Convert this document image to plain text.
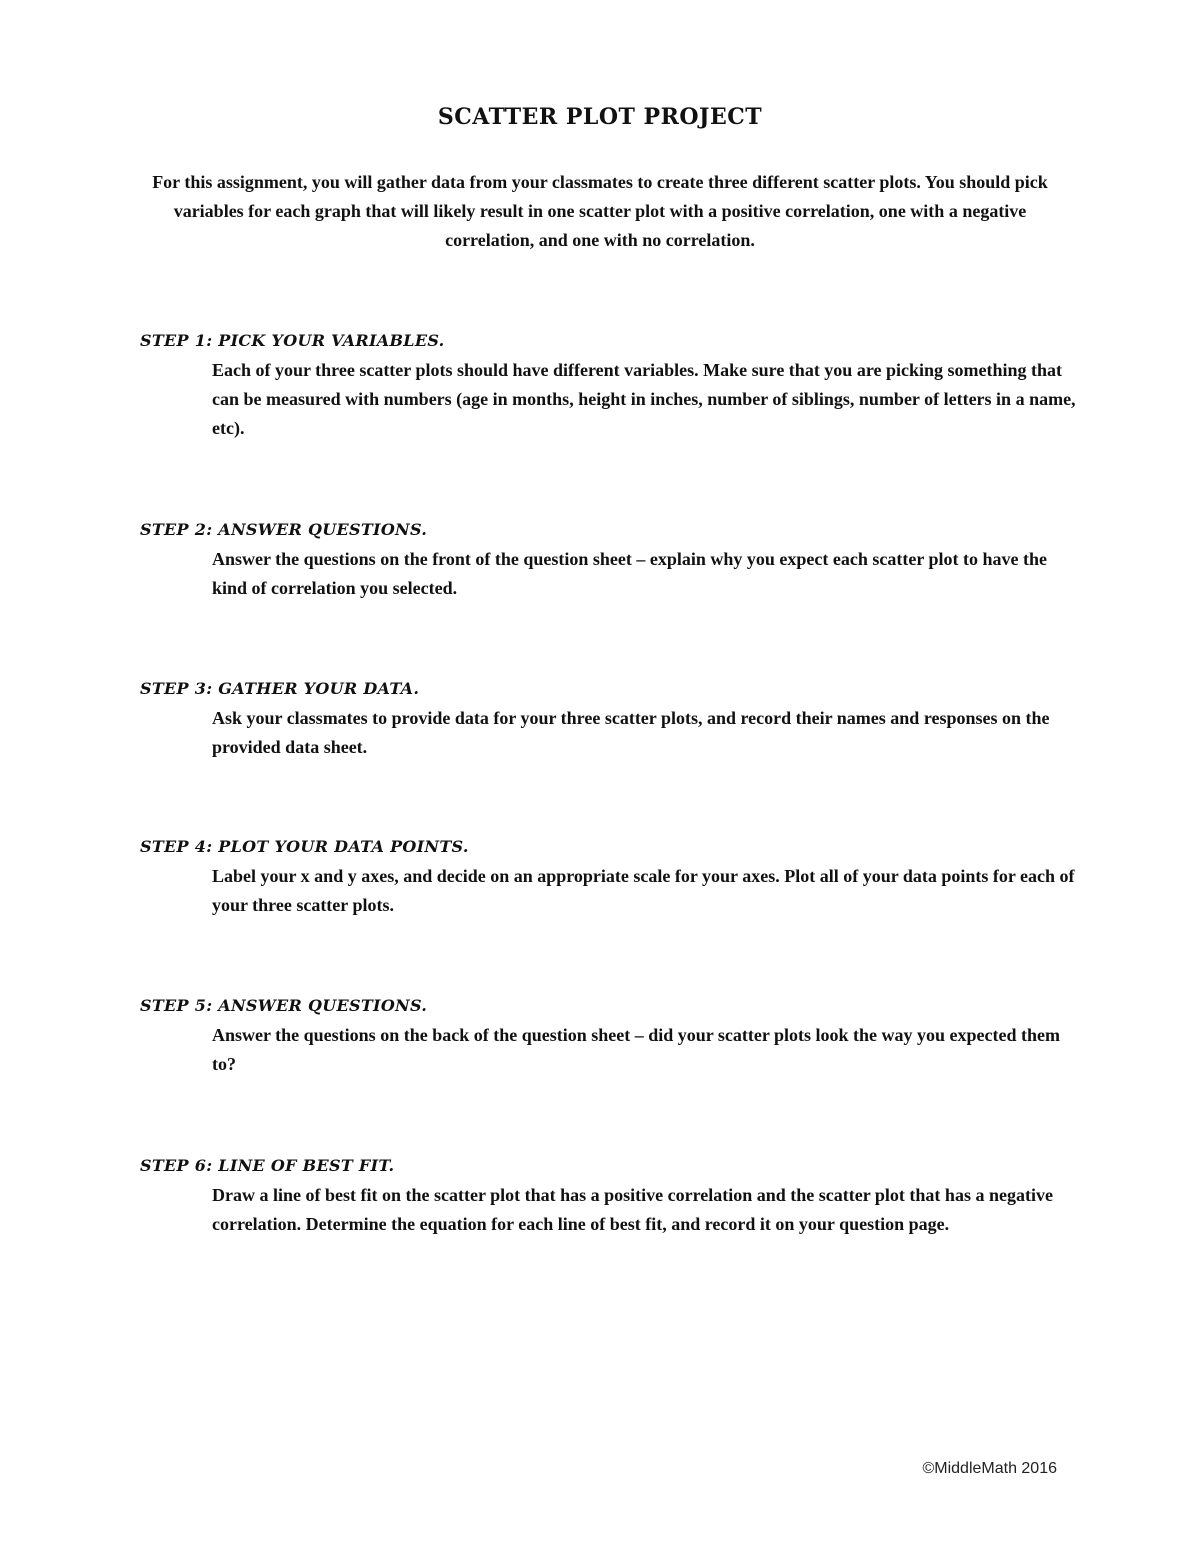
SCATTER PLOT PROJECT

For this assignment, you will gather data from your classmates to create three different scatter plots. You should pick variables for each graph that will likely result in one scatter plot with a positive correlation, one with a negative correlation, and one with no correlation.

STEP 1: PICK YOUR VARIABLES.

Each of your three scatter plots should have different variables. Make sure that you are picking something that can be measured with numbers (age in months, height in inches, number of siblings, number of letters in a name, etc).

STEP 2: ANSWER QUESTIONS.

Answer the questions on the front of the question sheet – explain why you expect each scatter plot to have the kind of correlation you selected.

STEP 3: GATHER YOUR DATA.

Ask your classmates to provide data for your three scatter plots, and record their names and responses on the provided data sheet.

STEP 4: PLOT YOUR DATA POINTS.

Label your x and y axes, and decide on an appropriate scale for your axes. Plot all of your data points for each of your three scatter plots.

STEP 5: ANSWER QUESTIONS.

Answer the questions on the back of the question sheet – did your scatter plots look the way you expected them to?

STEP 6: LINE OF BEST FIT.

Draw a line of best fit on the scatter plot that has a positive correlation and the scatter plot that has a negative correlation. Determine the equation for each line of best fit, and record it on your question page.

©MiddleMath 2016
